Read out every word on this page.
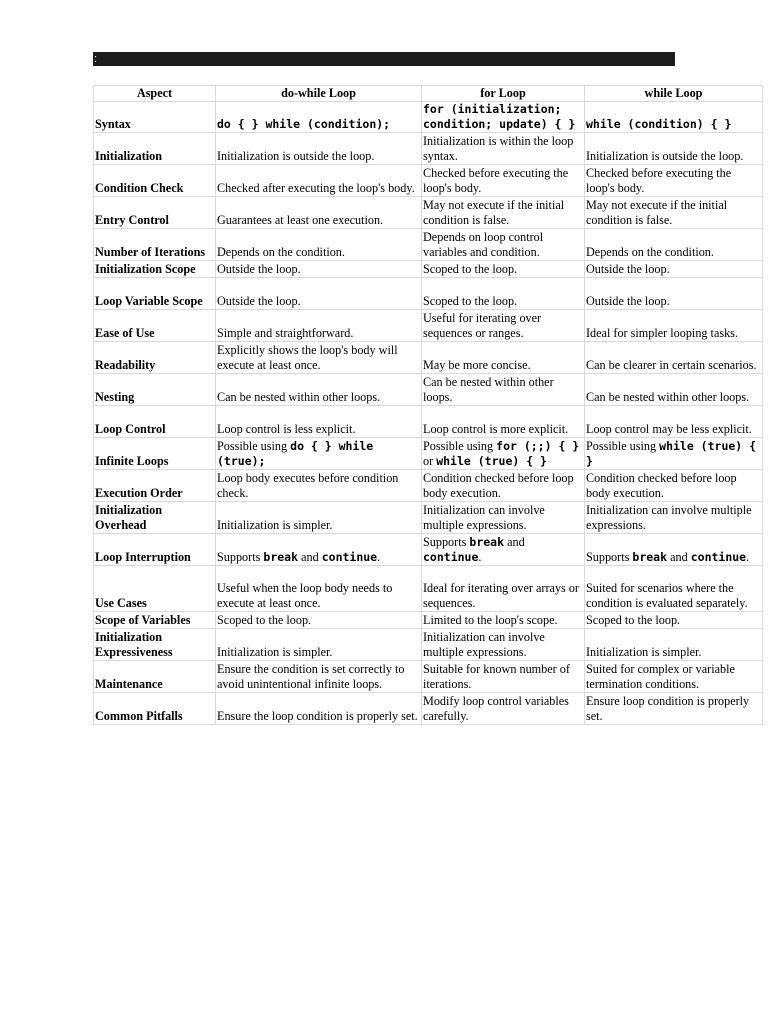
:
Aspect	do-while Loop	for Loop	while Loop
Syntax	do { } while (condition);	for (initialization; condition; update) { }	while (condition) { }
Initialization	Initialization is outside the loop.	Initialization is within the loop syntax.	Initialization is outside the loop.
Condition Check	Checked after executing the loop's body.	Checked before executing the loop's body.	Checked before executing the loop's body.
Entry Control	Guarantees at least one execution.	May not execute if the initial condition is false.	May not execute if the initial condition is false.
Number of Iterations	Depends on the condition.	Depends on loop control variables and condition.	Depends on the condition.
Initialization Scope	Outside the loop.	Scoped to the loop.	Outside the loop.
Loop Variable Scope	Outside the loop.	Scoped to the loop.	Outside the loop.
Ease of Use	Simple and straightforward.	Useful for iterating over sequences or ranges.	Ideal for simpler looping tasks.
Readability	Explicitly shows the loop's body will execute at least once.	May be more concise.	Can be clearer in certain scenarios.
Nesting	Can be nested within other loops.	Can be nested within other loops.	Can be nested within other loops.
Loop Control	Loop control is less explicit.	Loop control is more explicit.	Loop control may be less explicit.
Infinite Loops	Possible using do { } while (true);	Possible using for (;;) { } or while (true) { }	Possible using while (true) { }
Execution Order	Loop body executes before condition check.	Condition checked before loop body execution.	Condition checked before loop body execution.
Initialization Overhead	Initialization is simpler.	Initialization can involve multiple expressions.	Initialization can involve multiple expressions.
Loop Interruption	Supports break and continue.	Supports break and continue.	Supports break and continue.
Use Cases	Useful when the loop body needs to execute at least once.	Ideal for iterating over arrays or sequences.	Suited for scenarios where the condition is evaluated separately.
Scope of Variables	Scoped to the loop.	Limited to the loop's scope.	Scoped to the loop.
Initialization Expressiveness	Initialization is simpler.	Initialization can involve multiple expressions.	Initialization is simpler.
Maintenance	Ensure the condition is set correctly to avoid unintentional infinite loops.	Suitable for known number of iterations.	Suited for complex or variable termination conditions.
Common Pitfalls	Ensure the loop condition is properly set.	Modify loop control variables carefully.	Ensure loop condition is properly set.
